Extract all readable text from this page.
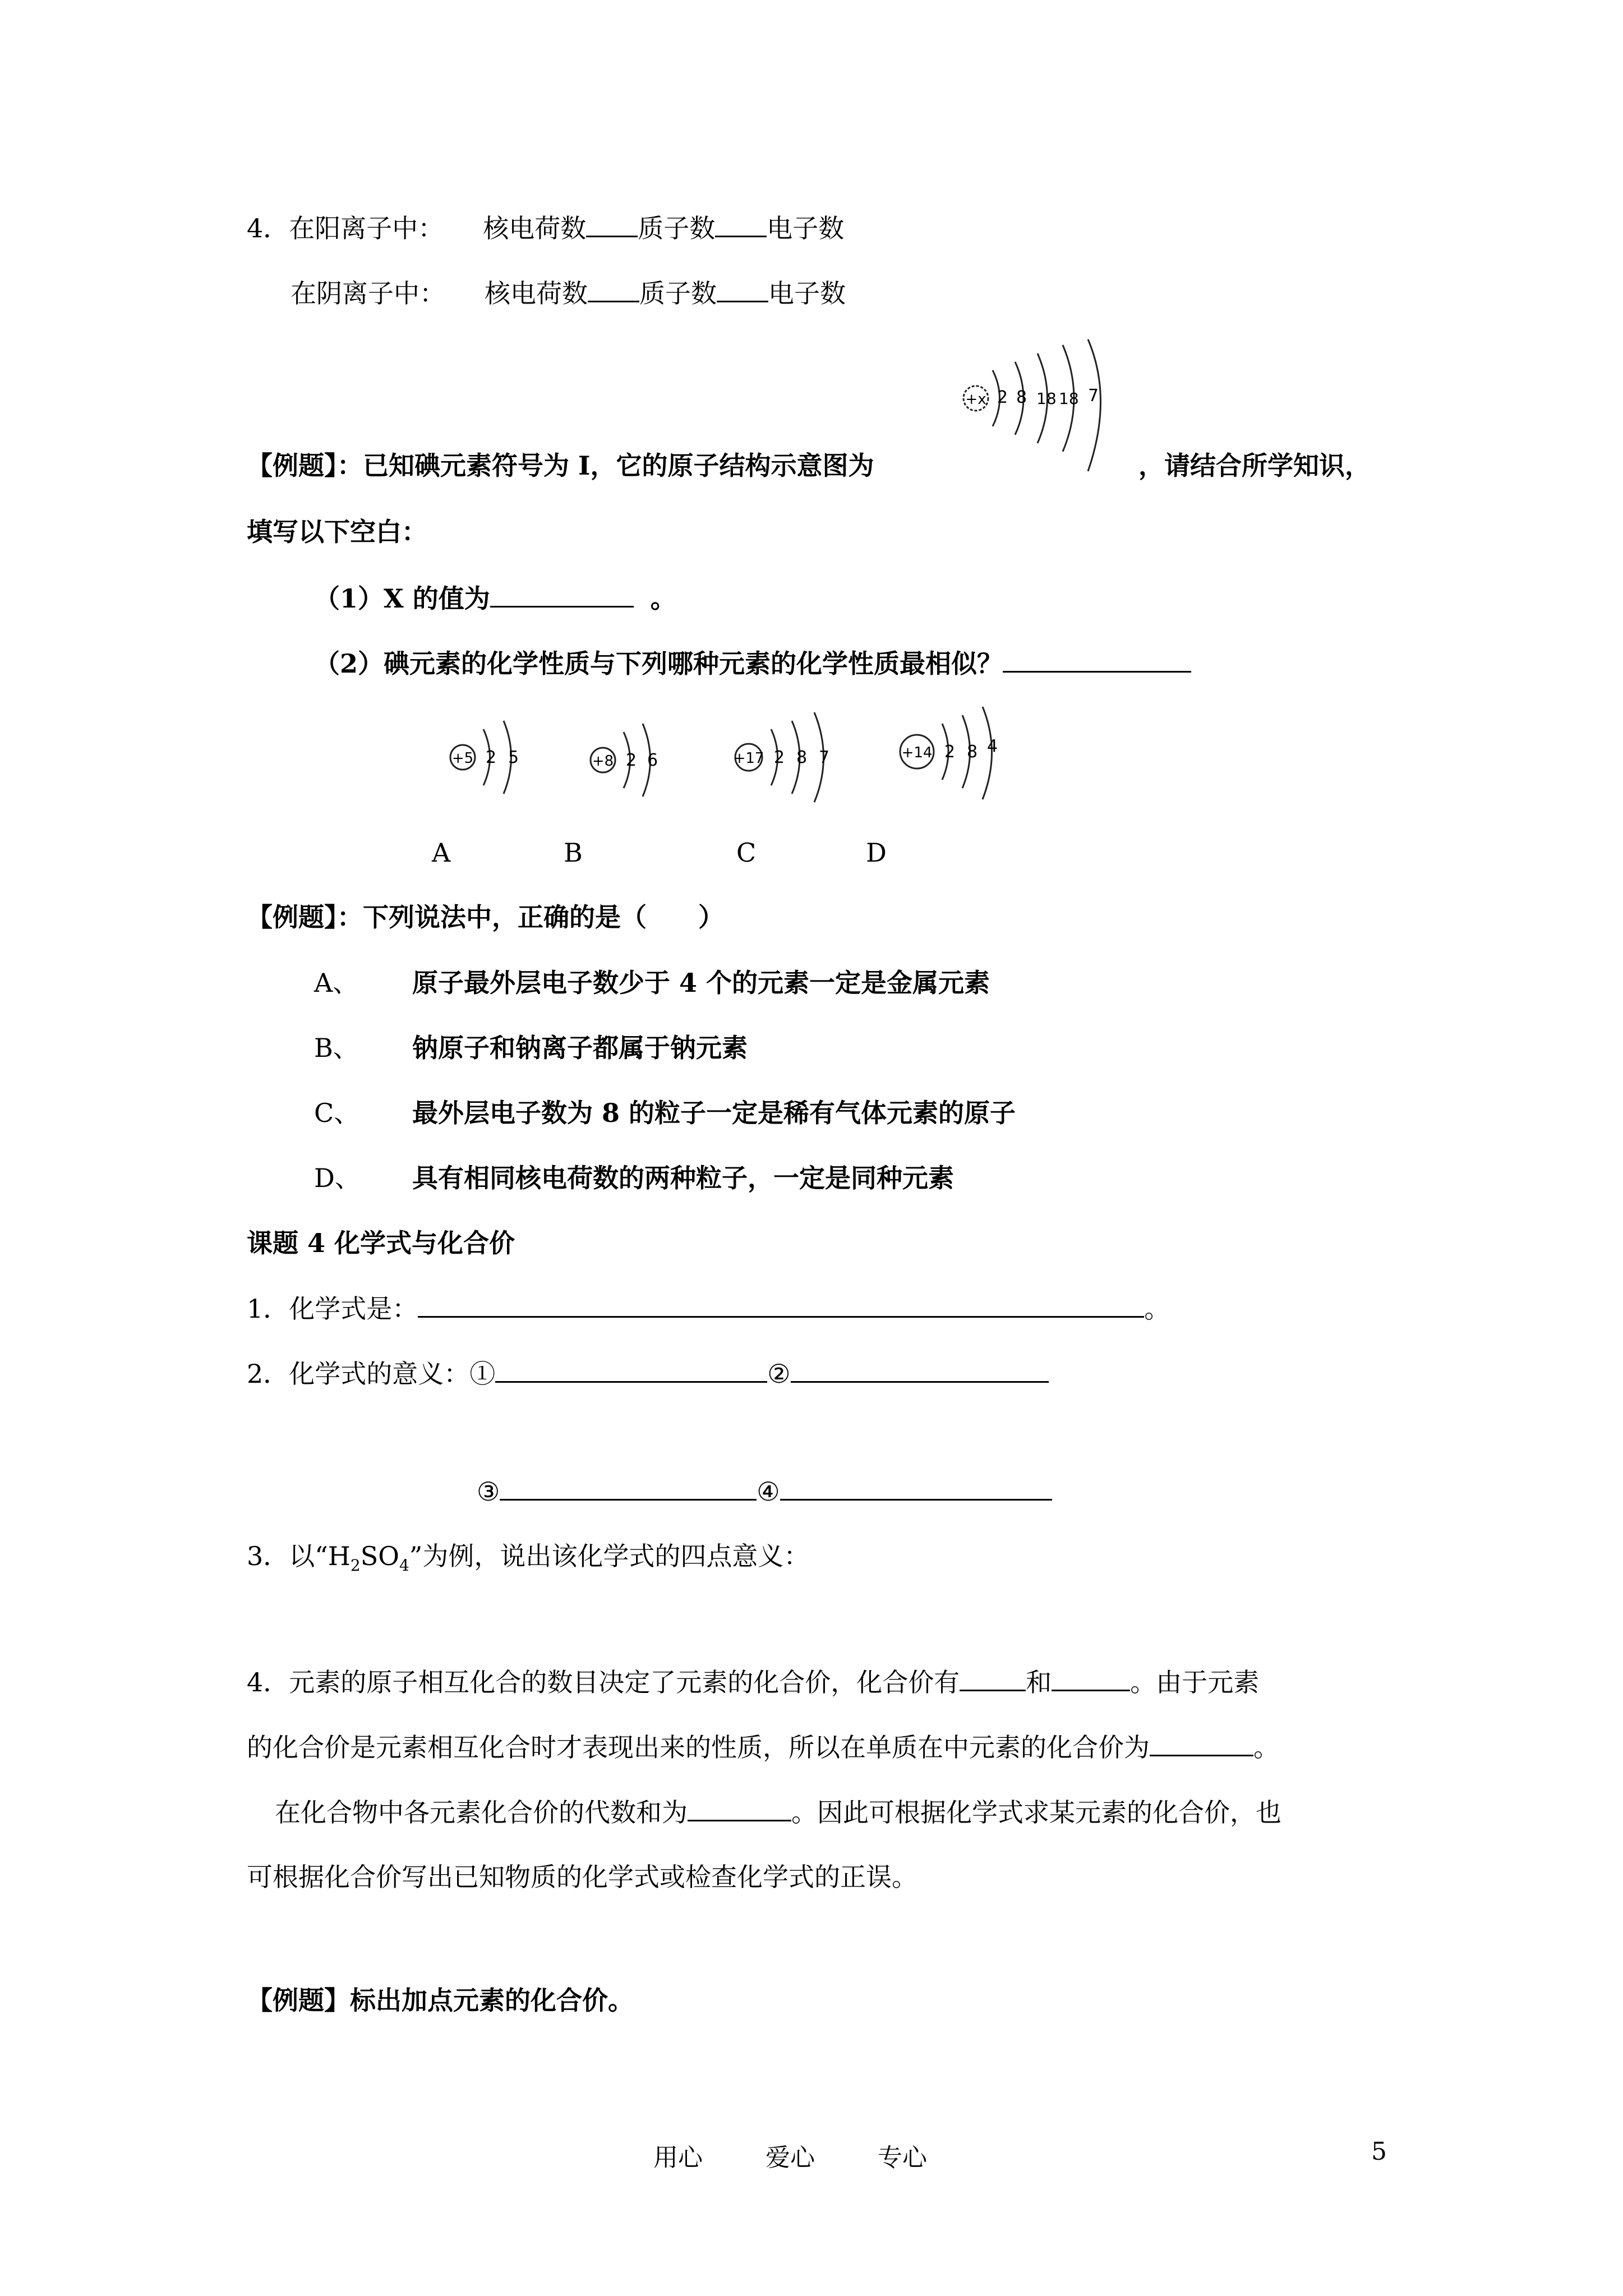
4．在阳离子中： 核电荷数 质子数 电子数
在阴离子中： 核电荷数 质子数 电子数
+x 2 8 18 18 7
【例题】：已知碘元素符号为 I，它的原子结构示意图为	，请结合所学知识，
填写以下空白：
（1）X 的值为	。
（2）碘元素的化学性质与下列哪种元素的化学性质最相似？
+5 2 5	+8 2 6	+17 2 8 7	+14 2 8 4
A	B	C	D
【例题】：下列说法中，正确的是（　　）
A、 原子最外层电子数少于 4 个的元素一定是金属元素
B、 钠原子和钠离子都属于钠元素
C、 最外层电子数为 8 的粒子一定是稀有气体元素的原子
D、 具有相同核电荷数的两种粒子，一定是同种元素
课题 4 化学式与化合价
1．化学式是：	。
2．化学式的意义：①	②
③	④
3．以“$H_2SO_4$”为例，说出该化学式的四点意义：
4．元素的原子相互化合的数目决定了元素的化合价，化合价有	和	。由于元素
的化合价是元素相互化合时才表现出来的性质，所以在单质在中元素的化合价为	。
在化合物中各元素化合价的代数和为	。因此可根据化学式求某元素的化合价，也
可根据化合价写出已知物质的化学式或检查化学式的正误。
【例题】标出加点元素的化合价。
用心	爱心	专心	5
